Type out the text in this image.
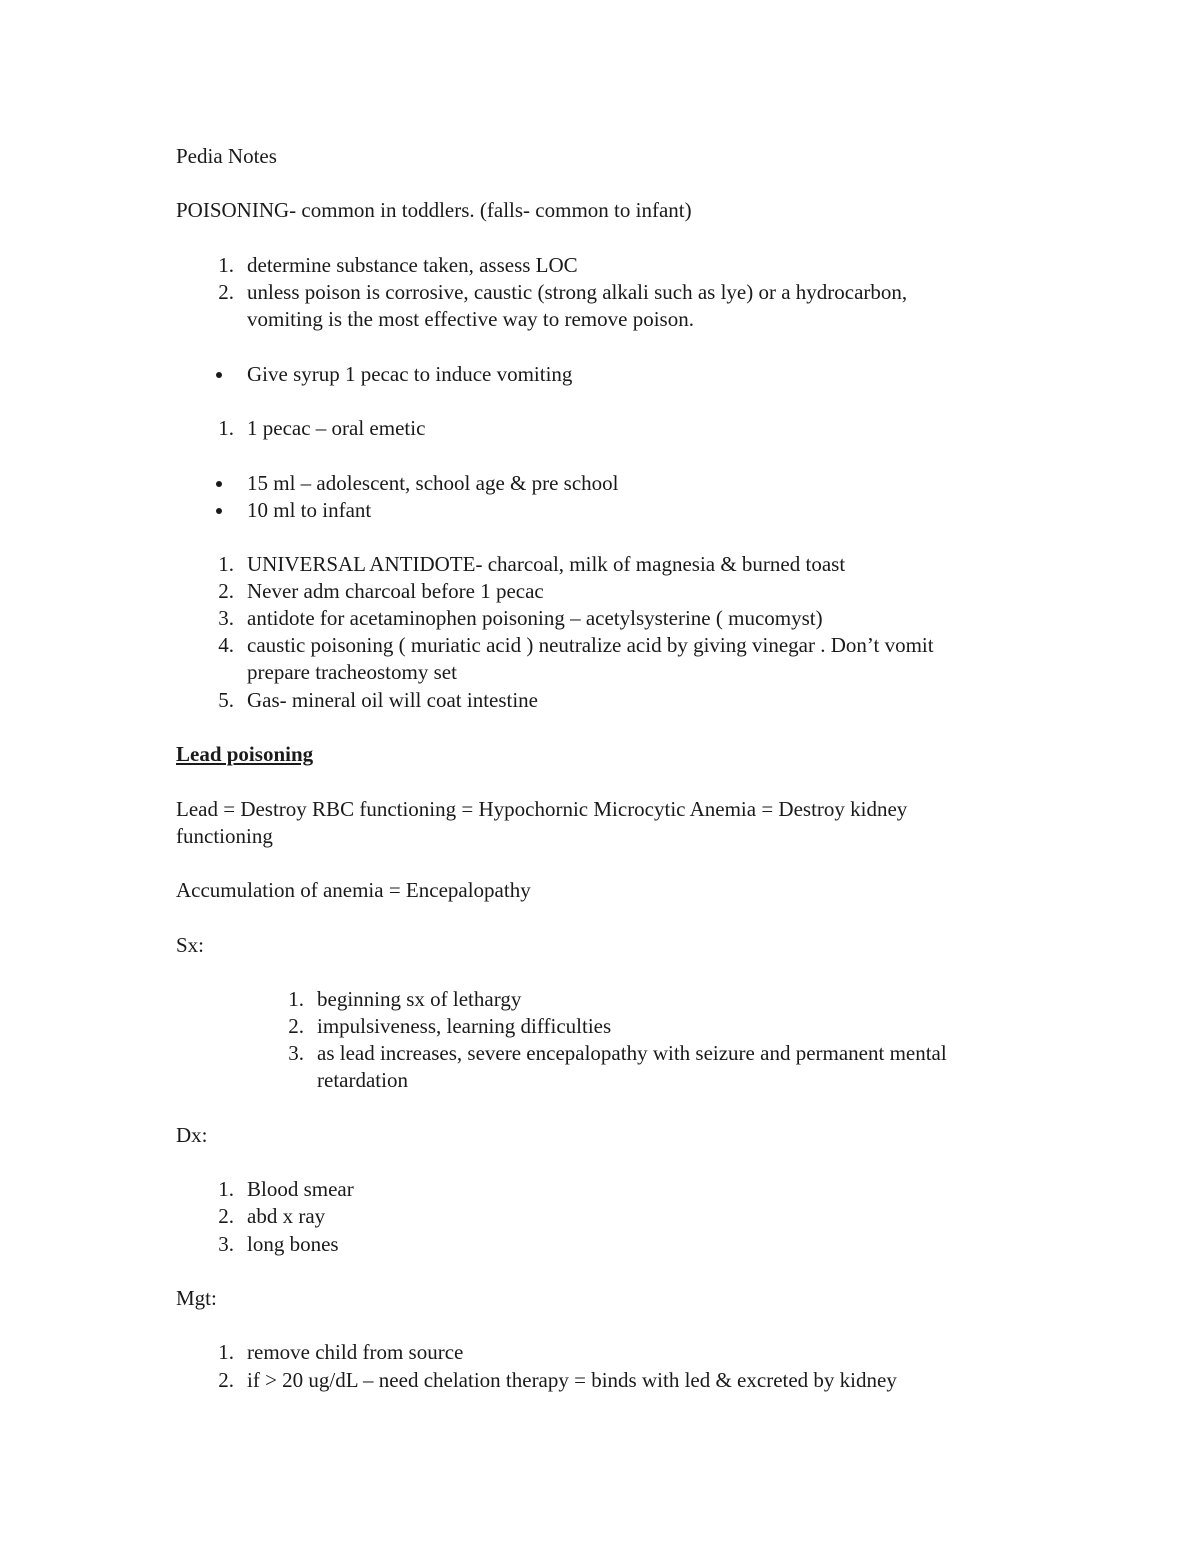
Pedia Notes
POISONING- common in toddlers. (falls- common to infant)
1. determine substance taken, assess LOC
2. unless poison is corrosive, caustic (strong alkali such as lye) or a hydrocarbon,
vomiting is the most effective way to remove poison.
Give syrup 1 pecac to induce vomiting
1. 1 pecac – oral emetic
15 ml – adolescent, school age & pre school
10 ml to infant
1. UNIVERSAL ANTIDOTE- charcoal, milk of magnesia & burned toast
2. Never adm charcoal before 1 pecac
3. antidote for acetaminophen poisoning – acetylsysterine ( mucomyst)
4. caustic poisoning ( muriatic acid ) neutralize acid by giving vinegar . Don’t vomit
prepare tracheostomy set
5. Gas- mineral oil will coat intestine
Lead poisoning
Lead = Destroy RBC functioning = Hypochornic Microcytic Anemia = Destroy kidney
functioning
Accumulation of anemia = Encepalopathy
Sx:
1. beginning sx of lethargy
2. impulsiveness, learning difficulties
3. as lead increases, severe encepalopathy with seizure and permanent mental
retardation
Dx:
1. Blood smear
2. abd x ray
3. long bones
Mgt:
1. remove child from source
2. if > 20 ug/dL – need chelation therapy = binds with led & excreted by kidney
